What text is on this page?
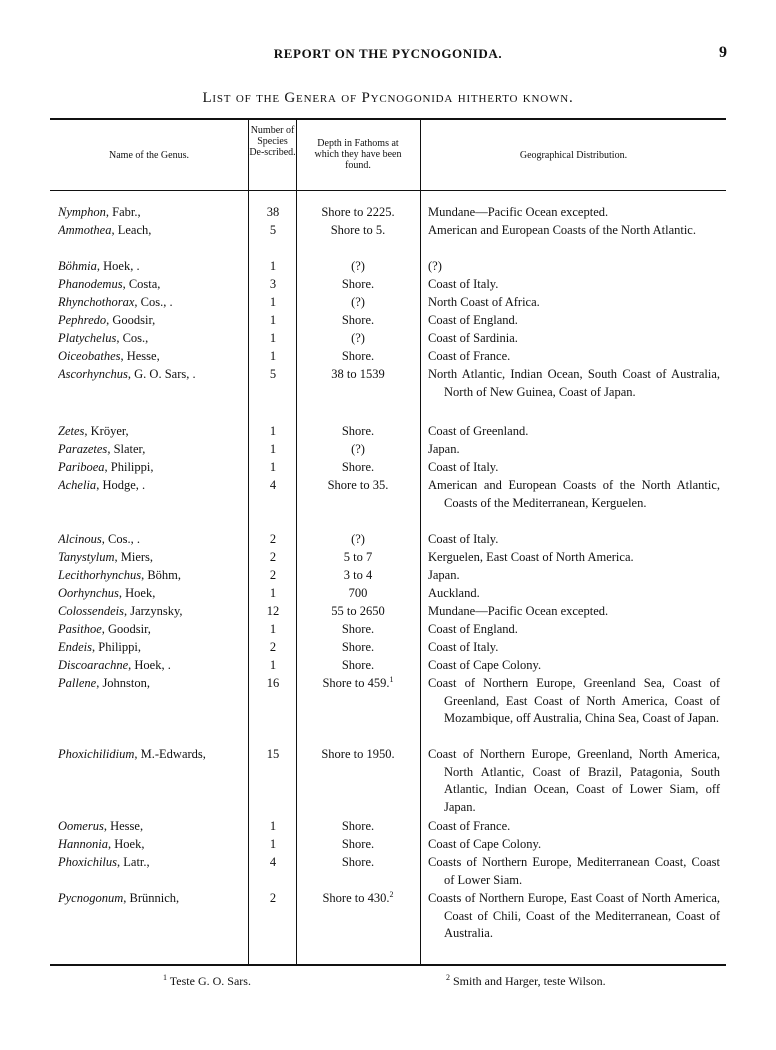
REPORT ON THE PYCNOGONIDA.	9
List of the Genera of Pycnogonida hitherto known.
Name of the Genus.
Number of Species De-scribed.
Depth in Fathoms at which they have been found.
Geographical Distribution.
Nymphon, Fabr.,	38	Shore to 2225.	Mundane—Pacific Ocean excepted.
Ammothea, Leach,	5	Shore to 5.	American and European Coasts of the North Atlantic.
Böhmia, Hoek, .	1	(?)	(?)
Phanodemus, Costa,	3	Shore.	Coast of Italy.
Rhynchothorax, Cos., .	1	(?)	North Coast of Africa.
Pephredo, Goodsir,	1	Shore.	Coast of England.
Platychelus, Cos.,	1	(?)	Coast of Sardinia.
Oiceobathes, Hesse,	1	Shore.	Coast of France.
Ascorhynchus, G. O. Sars, .	5	38 to 1539	North Atlantic, Indian Ocean, South Coast of Australia, North of New Guinea, Coast of Japan.
Zetes, Kröyer,	1	Shore.	Coast of Greenland.
Parazetes, Slater,	1	(?)	Japan.
Pariboea, Philippi,	1	Shore.	Coast of Italy.
Achelia, Hodge, .	4	Shore to 35.	American and European Coasts of the North Atlantic, Coasts of the Mediterranean, Kerguelen.
Alcinous, Cos., .	2	(?)	Coast of Italy.
Tanystylum, Miers,	2	5 to 7	Kerguelen, East Coast of North America.
Lecithorhynchus, Böhm,	2	3 to 4	Japan.
Oorhynchus, Hoek,	1	700	Auckland.
Colossendeis, Jarzynsky,	12	55 to 2650	Mundane—Pacific Ocean excepted.
Pasithoe, Goodsir,	1	Shore.	Coast of England.
Endeis, Philippi,	2	Shore.	Coast of Italy.
Discoarachne, Hoek, .	1	Shore.	Coast of Cape Colony.
Pallene, Johnston,	16	Shore to 459.$^1$	Coast of Northern Europe, Greenland Sea, Coast of Greenland, East Coast of North America, Coast of Mozambique, off Australia, China Sea, Coast of Japan.
Phoxichilidium, M.-Edwards,	15	Shore to 1950.	Coast of Northern Europe, Greenland, North America, North Atlantic, Coast of Brazil, Patagonia, South Atlantic, Indian Ocean, Coast of Lower Siam, off Japan.
Oomerus, Hesse,	1	Shore.	Coast of France.
Hannonia, Hoek,	1	Shore.	Coast of Cape Colony.
Phoxichilus, Latr.,	4	Shore.	Coasts of Northern Europe, Mediterranean Coast, Coast of Lower Siam.
Pycnogonum, Brünnich,	2	Shore to 430.$^2$	Coasts of Northern Europe, East Coast of North America, Coast of Chili, Coast of the Mediterranean, Coast of Australia.
$^1$ Teste G. O. Sars.	$^2$ Smith and Harger, teste Wilson.
